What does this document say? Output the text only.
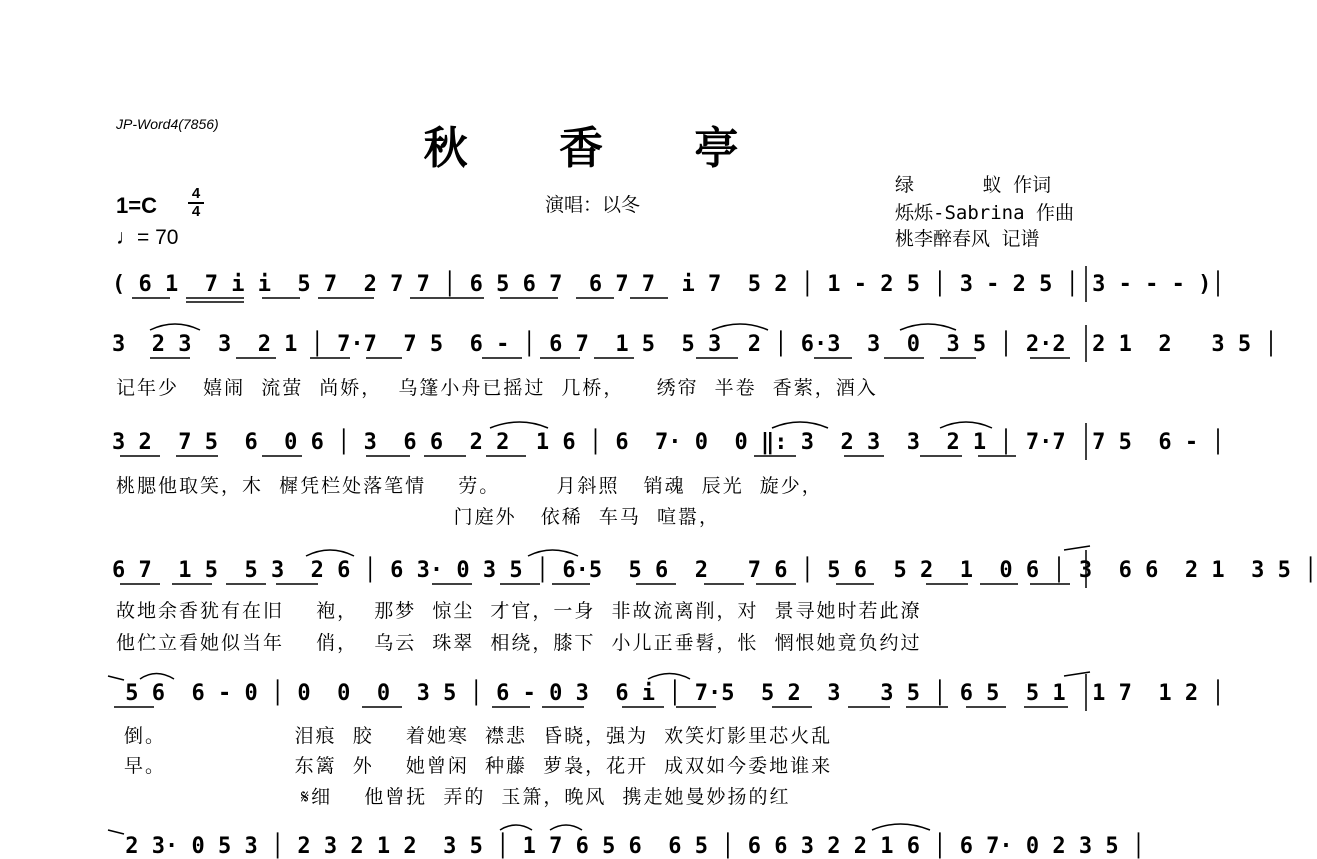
JP-Word4(7856)	秋 香 亭
演唱：以冬
绿      蚁 作词
烁烁-Sabrina 作曲
桃李醉春风 记谱
1=C	4
4
♩= 70
( 6 1  7 i i  5 7  2 7 7 │ 6 5 6 7  6 7 7  i 7  5 2 │ 1 - 2 5 │ 3 - 2 5 │ 3 - - - )│
3  2 3  3  2 1 │ 7·7  7 5  6 - │ 6 7  1 5  5 3  2 │ 6·3  3  0  3 5 │ 2·2  2 1  2   3 5 │
记年少   嬉闹  流萤  尚娇，  乌篷小舟已摇过  几桥，    绣帘  半卷  香萦，酒入
3 2  7 5  6  0 6 │ 3  6 6  2 2  1 6 │ 6  7· 0  0 ‖: 3  2 3  3  2 1 │ 7·7  7 5  6 - │
桃腮他取笑，木  樨凭栏处落笔情    劳。       月斜照   销魂  辰光  旋少，
门庭外   依稀  车马  喧嚣，
6 7  1 5  5 3  2 6 │ 6 3· 0 3 5 │ 6·5  5 6  2   7 6 │ 5 6  5 2  1  0 6 │ 3  6 6  2 1  3 5 │
故地余香犹有在旧    袍，  那梦  惊尘  才官，一身  非故流离削，对  景寻她时若此潦
他伫立看她似当年    俏，  乌云  珠翠  相绕，膝下  小儿正垂髫，怅  惘恨她竟负约过
5 6  6 - 0 │ 0  0  0  3 5 │ 6 - 0 3  6 i │ 7·5  5 2  3   3 5 │ 6 5  5 1  1 7  1 2 │
倒。                泪痕  胶    着她寒  襟悲  昏晓，强为  欢笑灯影里芯火乱
早。                东篱  外    她曾闲  种藤  萝袅，花开  成双如今委地谁来
𝄋细    他曾抚  弄的  玉箫，晚风  携走她曼妙扬的红
2 3· 0 5 3 │ 2 3 2 1 2  3 5 │ 1 7 6 5 6  6 5 │ 6 6 3 2 2 1 6 │ 6 7· 0 2 3 5 │
